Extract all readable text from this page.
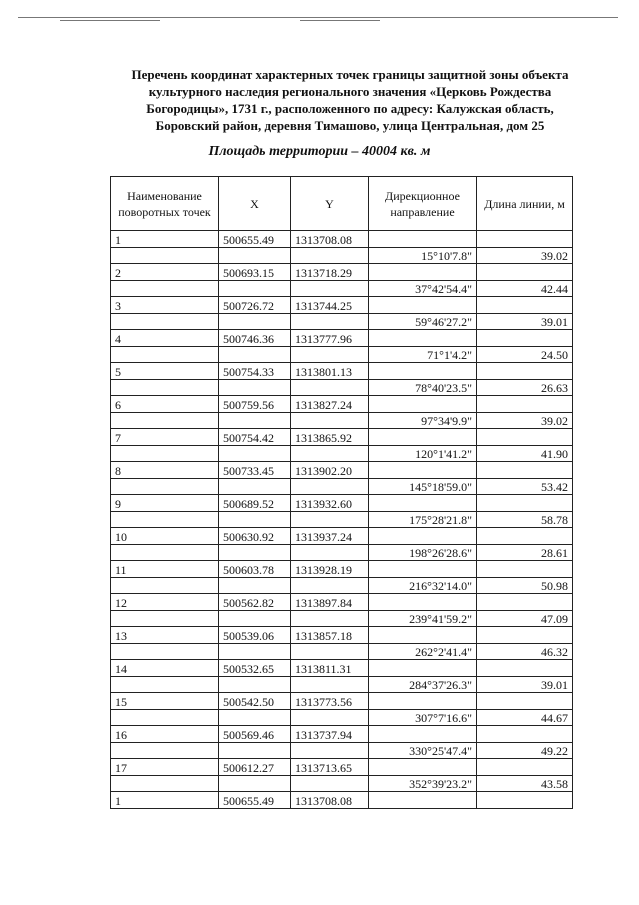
Перечень координат характерных точек границы защитной зоны объекта
культурного наследия регионального значения «Церковь Рождества
Богородицы», 1731 г., расположенного по адресу: Калужская область,
Боровский район, деревня Тимашово, улица Центральная, дом 25
Площадь территории – 40004 кв. м
Наименование поворотных точек	X	Y	Дирекционное направление	Длина линии, м
1	500655.49	1313708.08		
			15°10'7.8"	39.02
2	500693.15	1313718.29		
			37°42'54.4"	42.44
3	500726.72	1313744.25		
			59°46'27.2"	39.01
4	500746.36	1313777.96		
			71°1'4.2"	24.50
5	500754.33	1313801.13		
			78°40'23.5"	26.63
6	500759.56	1313827.24		
			97°34'9.9"	39.02
7	500754.42	1313865.92		
			120°1'41.2"	41.90
8	500733.45	1313902.20		
			145°18'59.0"	53.42
9	500689.52	1313932.60		
			175°28'21.8"	58.78
10	500630.92	1313937.24		
			198°26'28.6"	28.61
11	500603.78	1313928.19		
			216°32'14.0"	50.98
12	500562.82	1313897.84		
			239°41'59.2"	47.09
13	500539.06	1313857.18		
			262°2'41.4"	46.32
14	500532.65	1313811.31		
			284°37'26.3"	39.01
15	500542.50	1313773.56		
			307°7'16.6"	44.67
16	500569.46	1313737.94		
			330°25'47.4"	49.22
17	500612.27	1313713.65		
			352°39'23.2"	43.58
1	500655.49	1313708.08		
